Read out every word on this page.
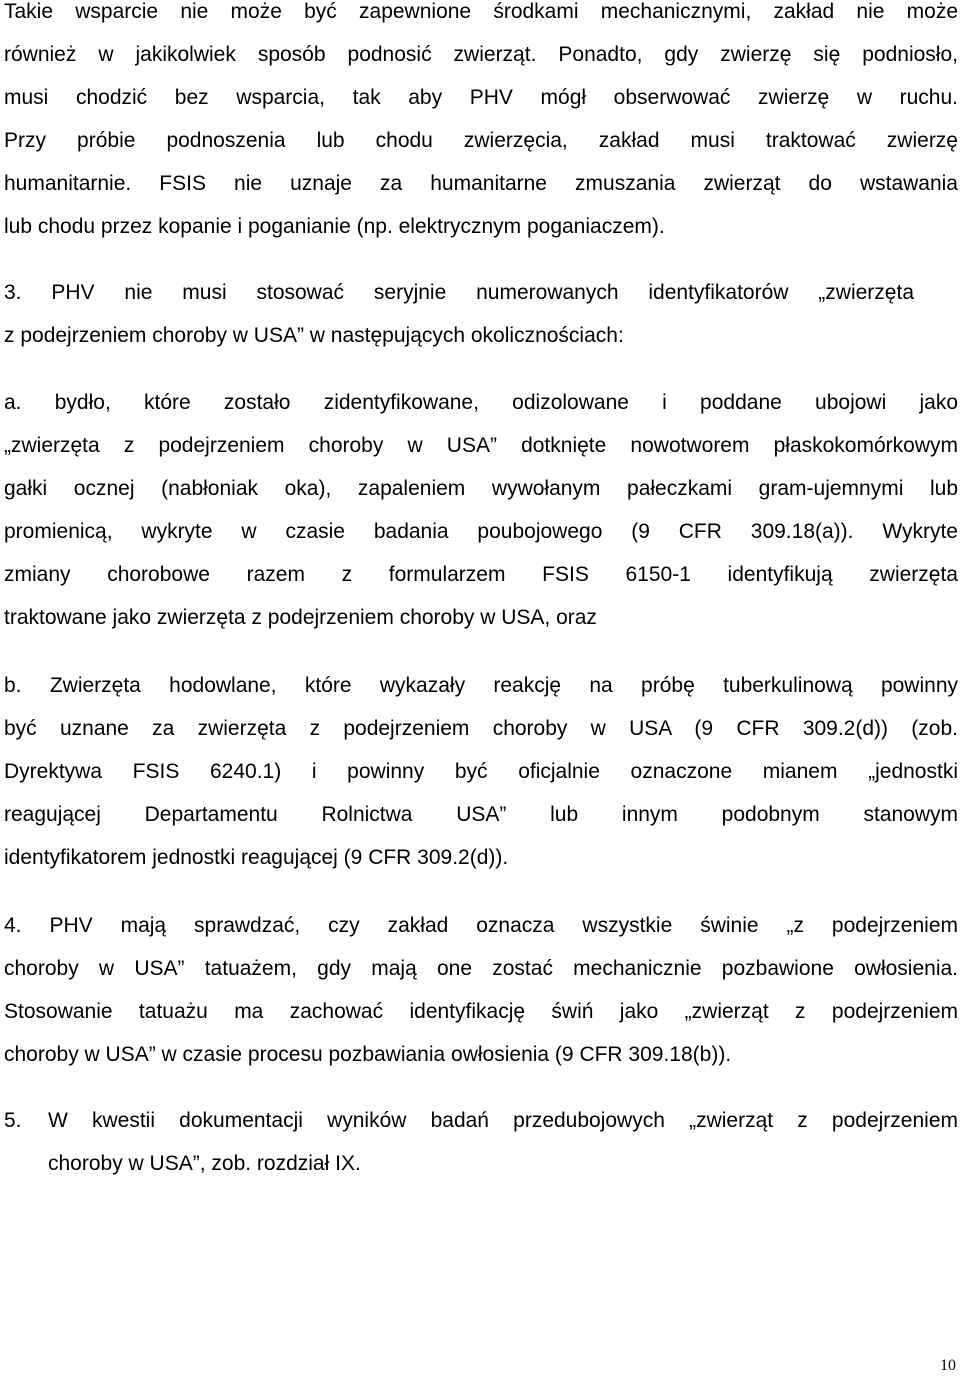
Takie wsparcie nie może być zapewnione środkami mechanicznymi, zakład nie może
również w jakikolwiek sposób podnosić zwierząt. Ponadto, gdy zwierzę się podniosło,
musi chodzić bez wsparcia, tak aby PHV mógł obserwować zwierzę w ruchu.
Przy próbie podnoszenia lub chodu zwierzęcia, zakład musi traktować zwierzę
humanitarnie. FSIS nie uznaje za humanitarne zmuszania zwierząt do wstawania
lub chodu przez kopanie i poganianie (np. elektrycznym poganiaczem).
3. PHV nie musi stosować seryjnie numerowanych identyfikatorów „zwierzęta
z podejrzeniem choroby w USA” w następujących okolicznościach:
a. bydło, które zostało zidentyfikowane, odizolowane i poddane ubojowi jako
„zwierzęta z podejrzeniem choroby w USA” dotknięte nowotworem płaskokomórkowym
gałki ocznej (nabłoniak oka), zapaleniem wywołanym pałeczkami gram-ujemnymi lub
promienicą, wykryte w czasie badania poubojowego (9 CFR 309.18(a)). Wykryte
zmiany chorobowe razem z formularzem FSIS 6150-1 identyfikują zwierzęta
traktowane jako zwierzęta z podejrzeniem choroby w USA, oraz
b. Zwierzęta hodowlane, które wykazały reakcję na próbę tuberkulinową powinny
być uznane za zwierzęta z podejrzeniem choroby w USA (9 CFR 309.2(d)) (zob.
Dyrektywa FSIS 6240.1) i powinny być oficjalnie oznaczone mianem „jednostki
reagującej Departamentu Rolnictwa USA” lub innym podobnym stanowym
identyfikatorem jednostki reagującej (9 CFR 309.2(d)).
4. PHV mają sprawdzać, czy zakład oznacza wszystkie świnie „z podejrzeniem
choroby w USA” tatuażem, gdy mają one zostać mechanicznie pozbawione owłosienia.
Stosowanie tatuażu ma zachować identyfikację świń jako „zwierząt z podejrzeniem
choroby w USA” w czasie procesu pozbawiania owłosienia (9 CFR 309.18(b)).
5.	W kwestii dokumentacji wyników badań przedubojowych „zwierząt z podejrzeniem
choroby w USA”, zob. rozdział IX.
10
